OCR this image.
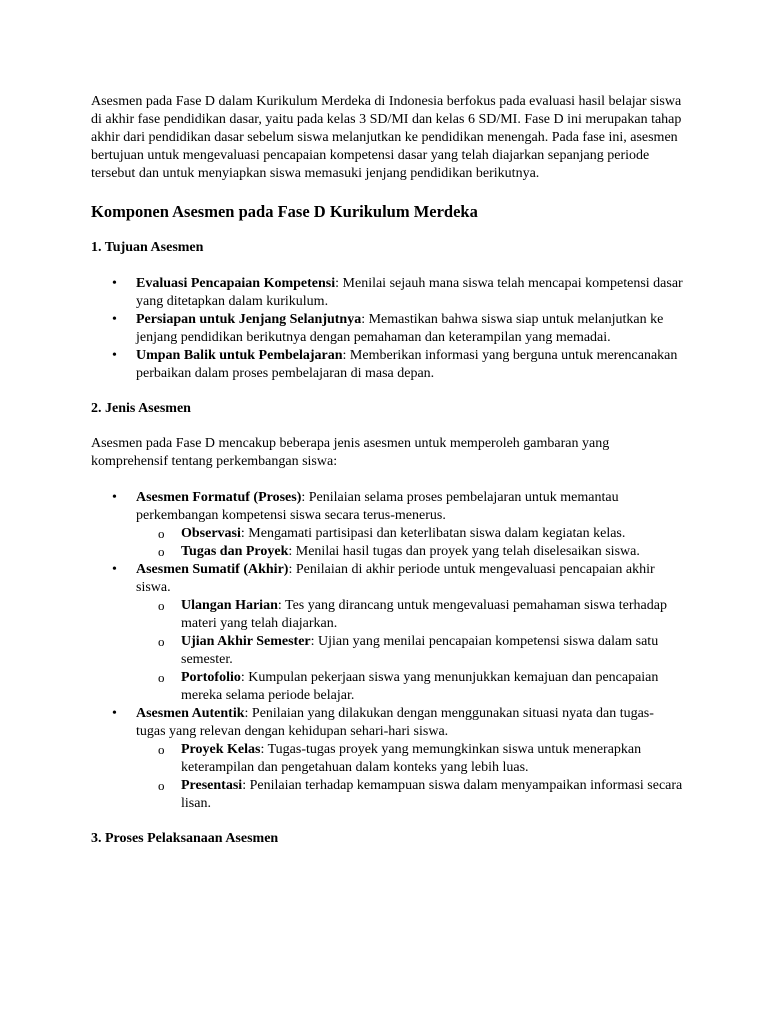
Asesmen pada Fase D dalam Kurikulum Merdeka di Indonesia berfokus pada evaluasi hasil belajar siswa di akhir fase pendidikan dasar, yaitu pada kelas 3 SD/MI dan kelas 6 SD/MI. Fase D ini merupakan tahap akhir dari pendidikan dasar sebelum siswa melanjutkan ke pendidikan menengah. Pada fase ini, asesmen bertujuan untuk mengevaluasi pencapaian kompetensi dasar yang telah diajarkan sepanjang periode tersebut dan untuk menyiapkan siswa memasuki jenjang pendidikan berikutnya.

Komponen Asesmen pada Fase D Kurikulum Merdeka
1. Tujuan Asesmen
• Evaluasi Pencapaian Kompetensi: Menilai sejauh mana siswa telah mencapai kompetensi dasar yang ditetapkan dalam kurikulum.
• Persiapan untuk Jenjang Selanjutnya: Memastikan bahwa siswa siap untuk melanjutkan ke jenjang pendidikan berikutnya dengan pemahaman dan keterampilan yang memadai.
• Umpan Balik untuk Pembelajaran: Memberikan informasi yang berguna untuk merencanakan perbaikan dalam proses pembelajaran di masa depan.
2. Jenis Asesmen

Asesmen pada Fase D mencakup beberapa jenis asesmen untuk memperoleh gambaran yang komprehensif tentang perkembangan siswa:

• Asesmen Formatuf (Proses): Penilaian selama proses pembelajaran untuk memantau perkembangan kompetensi siswa secara terus-menerus.
o Observasi: Mengamati partisipasi dan keterlibatan siswa dalam kegiatan kelas.
o Tugas dan Proyek: Menilai hasil tugas dan proyek yang telah diselesaikan siswa.
• Asesmen Sumatif (Akhir): Penilaian di akhir periode untuk mengevaluasi pencapaian akhir siswa.
o Ulangan Harian: Tes yang dirancang untuk mengevaluasi pemahaman siswa terhadap materi yang telah diajarkan.
o Ujian Akhir Semester: Ujian yang menilai pencapaian kompetensi siswa dalam satu semester.
o Portofolio: Kumpulan pekerjaan siswa yang menunjukkan kemajuan dan pencapaian mereka selama periode belajar.
• Asesmen Autentik: Penilaian yang dilakukan dengan menggunakan situasi nyata dan tugas-tugas yang relevan dengan kehidupan sehari-hari siswa.
o Proyek Kelas: Tugas-tugas proyek yang memungkinkan siswa untuk menerapkan keterampilan dan pengetahuan dalam konteks yang lebih luas.
o Presentasi: Penilaian terhadap kemampuan siswa dalam menyampaikan informasi secara lisan.
3. Proses Pelaksanaan Asesmen
